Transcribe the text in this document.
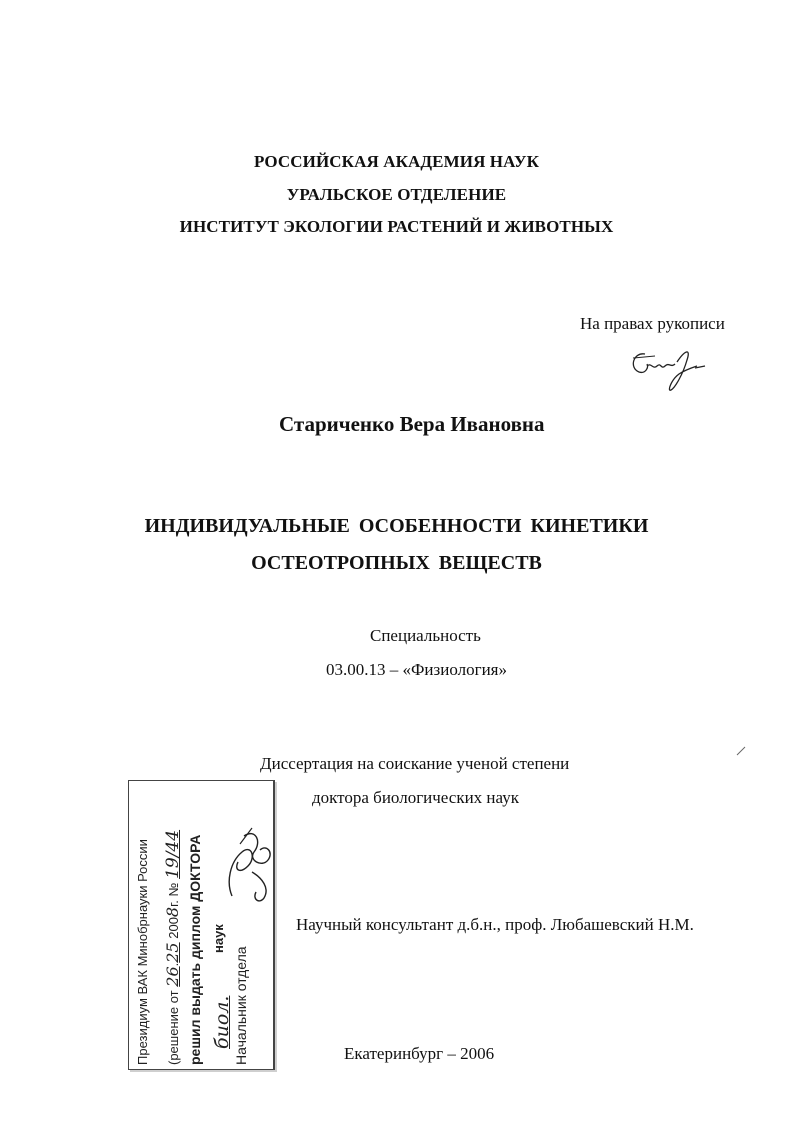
РОССИЙСКАЯ АКАДЕМИЯ НАУК
УРАЛЬСКОЕ ОТДЕЛЕНИЕ
ИНСТИТУТ ЭКОЛОГИИ РАСТЕНИЙ И ЖИВОТНЫХ
На правах рукописи
Стариченко Вера Ивановна
ИНДИВИДУАЛЬНЫЕ ОСОБЕННОСТИ КИНЕТИКИ
ОСТЕОТРОПНЫХ ВЕЩЕСТВ
Специальность
03.00.13 – «Физиология»
Диссертация на соискание ученой степени
доктора биологических наук
Научный консультант д.б.н., проф. Любашевский Н.М.
Екатеринбург – 2006
Президиум ВАК Минобрнауки России (решение от 26.25 2008г. № 19/44 решил выдать диплом ДОКТОРА наук
биол. Начальник отдела
